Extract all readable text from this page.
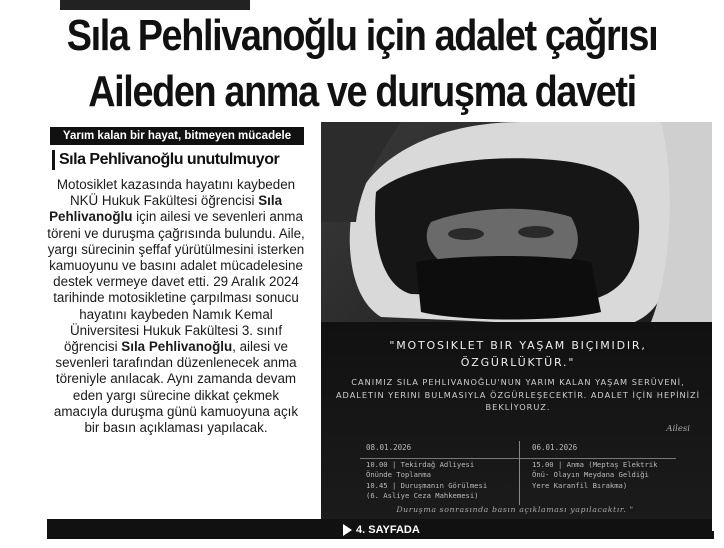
Sıla Pehlivanoğlu için adalet çağrısı
Aileden anma ve duruşma daveti
Yarım kalan bir hayat, bitmeyen mücadele
Sıla Pehlivanoğlu unutulmuyor
Motosiklet kazasında hayatını kaybeden NKÜ Hukuk Fakültesi öğrencisi Sıla Pehlivanoğlu için ailesi ve sevenleri anma töreni ve duruşma çağrısında bulundu. Aile, yargı sürecinin şeffaf yürütülmesini isterken kamuoyunu ve basını adalet mücadelesine destek vermeye davet etti. 29 Aralık 2024 tarihinde motosikletine çarpılması sonucu hayatını kaybeden Namık Kemal Üniversitesi Hukuk Fakültesi 3. sınıf öğrencisi Sıla Pehlivanoğlu, ailesi ve sevenleri tarafından düzenlenecek anma töreniyle anılacak. Aynı zamanda devam eden yargı sürecine dikkat çekmek amacıyla duruşma günü kamuoyuna açık bir basın açıklaması yapılacak.
"MOTOSIKLET BIR YAŞAM BIÇIMIDIR,
ÖZGÜRLÜKTÜR."
CANIMIZ SILA PEHLIVANOĞLU'NUN YARIM KALAN YAŞAM SERÜVENİ, ADALETIN YERINI BULMASIYLA ÖZGÜRLEŞECEKTİR. ADALET İÇİN HEPİNİZİ BEKLİYORUZ.
Ailesi
08.01.2026
10.00 | Tekirdağ Adliyesi
Önünde Toplanma
10.45 | Duruşmanın Görülmesi
(6. Asliye Ceza Mahkemesi)
06.01.2026
15.00 | Anma (Meptaş Elektrik
Önü- Olayın Meydana Geldiği
Yere Karanfil Bırakma)
Duruşma sonrasında basın açıklaması yapılacaktır. "
4. SAYFADA
